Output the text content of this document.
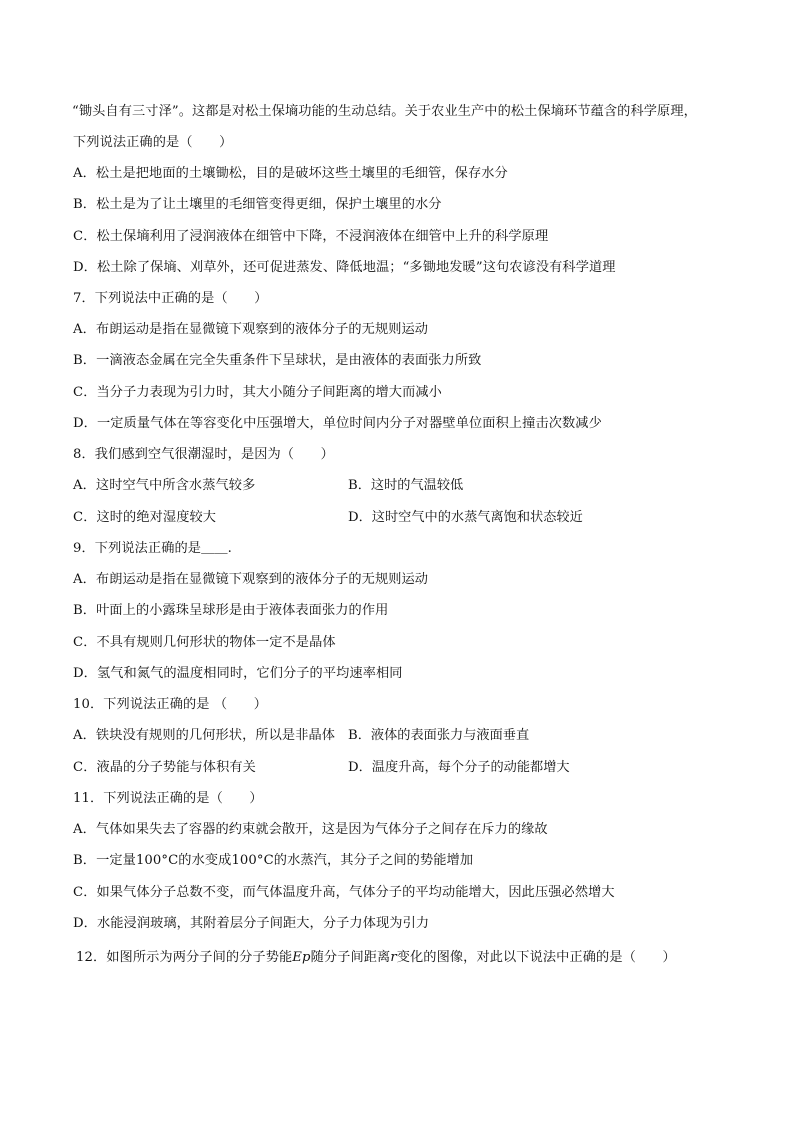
“锄头自有三寸泽”。这都是对松土保墒功能的生动总结。关于农业生产中的松土保墒环节蕴含的科学原理，
下列说法正确的是（　　）
A．松土是把地面的土壤锄松，目的是破坏这些土壤里的毛细管，保存水分
B．松土是为了让土壤里的毛细管变得更细，保护土壤里的水分
C．松土保墒利用了浸润液体在细管中下降，不浸润液体在细管中上升的科学原理
D．松土除了保墒、刈草外，还可促进蒸发、降低地温；“多锄地发暖”这句农谚没有科学道理
7．下列说法中正确的是（　　）
A．布朗运动是指在显微镜下观察到的液体分子的无规则运动
B．一滴液态金属在完全失重条件下呈球状，是由液体的表面张力所致
C．当分子力表现为引力时，其大小随分子间距离的增大而减小
D．一定质量气体在等容变化中压强增大，单位时间内分子对器壁单位面积上撞击次数减少
8．我们感到空气很潮湿时，是因为（　　）
A．这时空气中所含水蒸气较多	B．这时的气温较低
C．这时的绝对湿度较大	D．这时空气中的水蒸气离饱和状态较近
9．下列说法正确的是＿＿.
A．布朗运动是指在显微镜下观察到的液体分子的无规则运动
B．叶面上的小露珠呈球形是由于液体表面张力的作用
C．不具有规则几何形状的物体一定不是晶体
D．氢气和氮气的温度相同时，它们分子的平均速率相同
10．下列说法正确的是 （　　）
A．铁块没有规则的几何形状，所以是非晶体 B．液体的表面张力与液面垂直
C．液晶的分子势能与体积有关	D．温度升高，每个分子的动能都增大
11．下列说法正确的是（　　）
A．气体如果失去了容器的约束就会散开，这是因为气体分子之间存在斥力的缘故
B．一定量100°C的水变成100°C的水蒸汽，其分子之间的势能增加
C．如果气体分子总数不变，而气体温度升高，气体分子的平均动能增大，因此压强必然增大
D．水能浸润玻璃，其附着层分子间距大，分子力体现为引力
12．如图所示为两分子间的分子势能Ep随分子间距离r变化的图像，对此以下说法中正确的是（　　）
